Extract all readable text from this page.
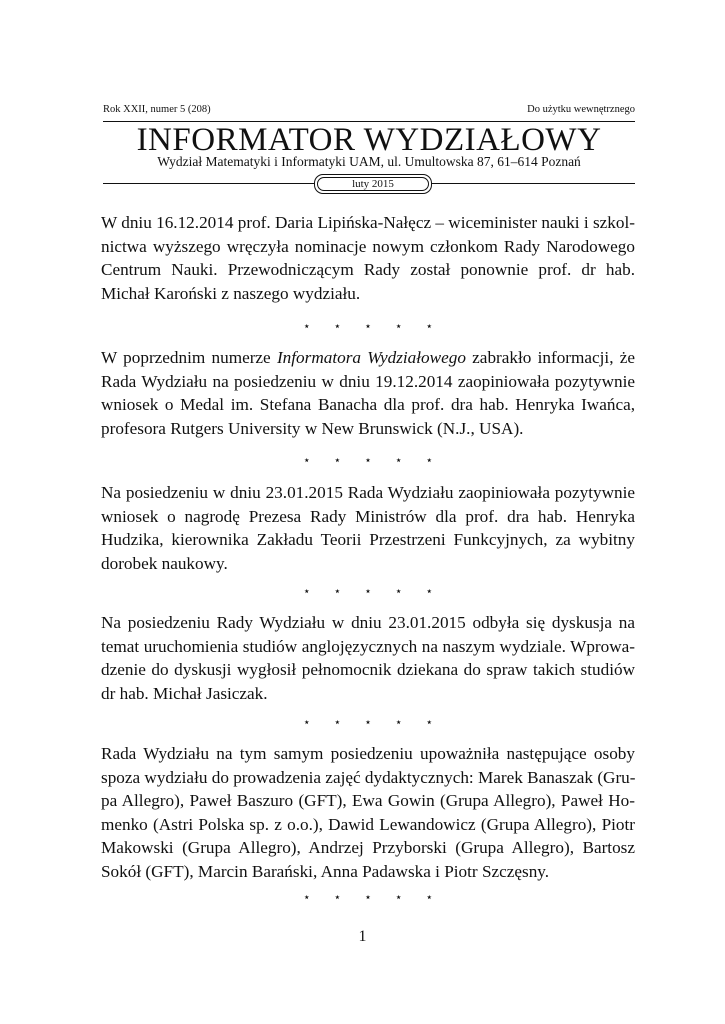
Rok XXII, numer 5 (208)	Do użytku wewnętrznego
INFORMATOR WYDZIAŁOWY
Wydział Matematyki i Informatyki UAM, ul. Umultowska 87, 61–614 Poznań
luty 2015
W dniu 16.12.2014 prof. Daria Lipińska-Nałęcz – wiceminister nauki i szkol-
nictwa wyższego wręczyła nominacje nowym członkom Rady Narodowego
Centrum Nauki. Przewodniczącym Rady został ponownie prof. dr hab.
Michał Karoński z naszego wydziału.
⋆ ⋆ ⋆ ⋆ ⋆
W poprzednim numerze Informatora Wydziałowego zabrakło informacji, że
Rada Wydziału na posiedzeniu w dniu 19.12.2014 zaopiniowała pozytywnie
wniosek o Medal im. Stefana Banacha dla prof. dra hab. Henryka Iwańca,
profesora Rutgers University w New Brunswick (N.J., USA).
⋆ ⋆ ⋆ ⋆ ⋆
Na posiedzeniu w dniu 23.01.2015 Rada Wydziału zaopiniowała pozytywnie
wniosek o nagrodę Prezesa Rady Ministrów dla prof. dra hab. Henryka
Hudzika, kierownika Zakładu Teorii Przestrzeni Funkcyjnych, za wybitny
dorobek naukowy.
⋆ ⋆ ⋆ ⋆ ⋆
Na posiedzeniu Rady Wydziału w dniu 23.01.2015 odbyła się dyskusja na
temat uruchomienia studiów anglojęzycznych na naszym wydziale. Wprowa-
dzenie do dyskusji wygłosił pełnomocnik dziekana do spraw takich studiów
dr hab. Michał Jasiczak.
⋆ ⋆ ⋆ ⋆ ⋆
Rada Wydziału na tym samym posiedzeniu upoważniła następujące osoby
spoza wydziału do prowadzenia zajęć dydaktycznych: Marek Banaszak (Gru-
pa Allegro), Paweł Baszuro (GFT), Ewa Gowin (Grupa Allegro), Paweł Ho-
menko (Astri Polska sp. z o.o.), Dawid Lewandowicz (Grupa Allegro), Piotr
Makowski (Grupa Allegro), Andrzej Przyborski (Grupa Allegro), Bartosz
Sokół (GFT), Marcin Barański, Anna Padawska i Piotr Szczęsny.
⋆ ⋆ ⋆ ⋆ ⋆
1
